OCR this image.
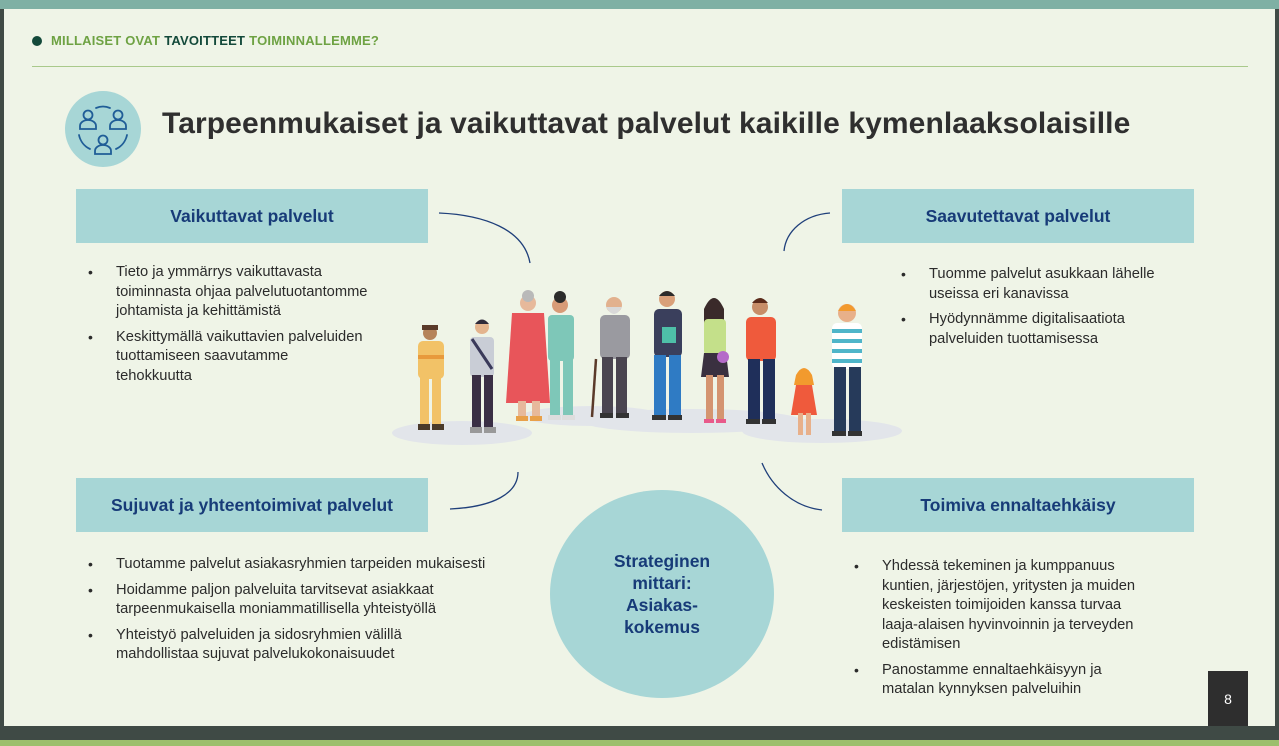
MILLAISET OVAT TAVOITTEET TOIMINNALLEMME?
Tarpeenmukaiset ja vaikuttavat palvelut kaikille kymenlaaksolaisille
Vaikuttavat palvelut	Saavutettavat palvelut
Sujuvat ja yhteentoimivat palvelut	Toimiva ennaltaehkäisy
• Tieto ja ymmärrys vaikuttavasta toiminnasta ohjaa palvelutuotantomme johtamista ja kehittämistä
• Keskittymällä vaikuttavien palveluiden tuottamiseen saavutamme tehokkuutta
• Tuomme palvelut asukkaan lähelle useissa eri kanavissa
• Hyödynnämme digitalisaatiota palveluiden tuottamisessa
• Tuotamme palvelut asiakasryhmien tarpeiden mukaisesti
• Hoidamme paljon palveluita tarvitsevat asiakkaat tarpeenmukaisella moniammatillisella yhteistyöllä
• Yhteistyö palveluiden ja sidosryhmien välillä mahdollistaa sujuvat palvelukokonaisuudet
• Yhdessä tekeminen ja kumppanuus kuntien, järjestöjen, yritysten ja muiden keskeisten toimijoiden kanssa turvaa laaja-alaisen hyvinvoinnin ja terveyden edistämisen
• Panostamme ennaltaehkäisyyn ja matalan kynnyksen palveluihin
Strateginen
mittari:
Asiakas-
kokemus
8
